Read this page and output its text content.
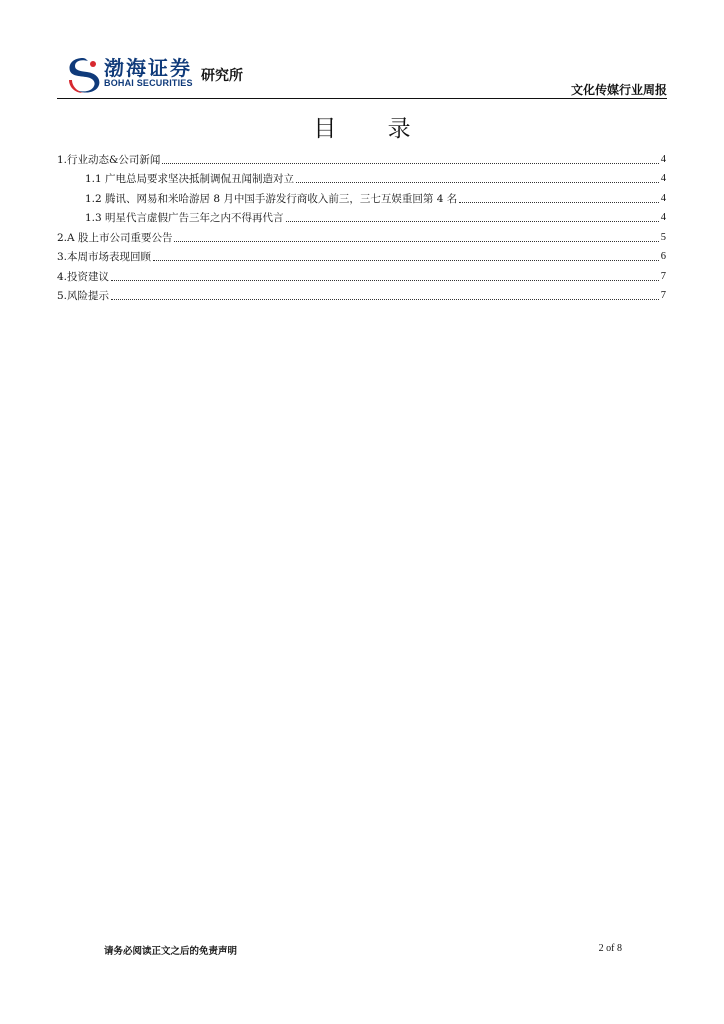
渤海证券
BOHAI SECURITIES 研究所
文化传媒行业周报
目 录
1.行业动态&公司新闻	4
1.1 广电总局要求坚决抵制调侃丑闻制造对立	4
1.2 腾讯、网易和米哈游居 8 月中国手游发行商收入前三，三七互娱重回第 4 名	4
1.3 明星代言虚假广告三年之内不得再代言	4
2.A 股上市公司重要公告	5
3.本周市场表现回顾	6
4.投资建议	7
5.风险提示	7
请务必阅读正文之后的免责声明	2 of 8
